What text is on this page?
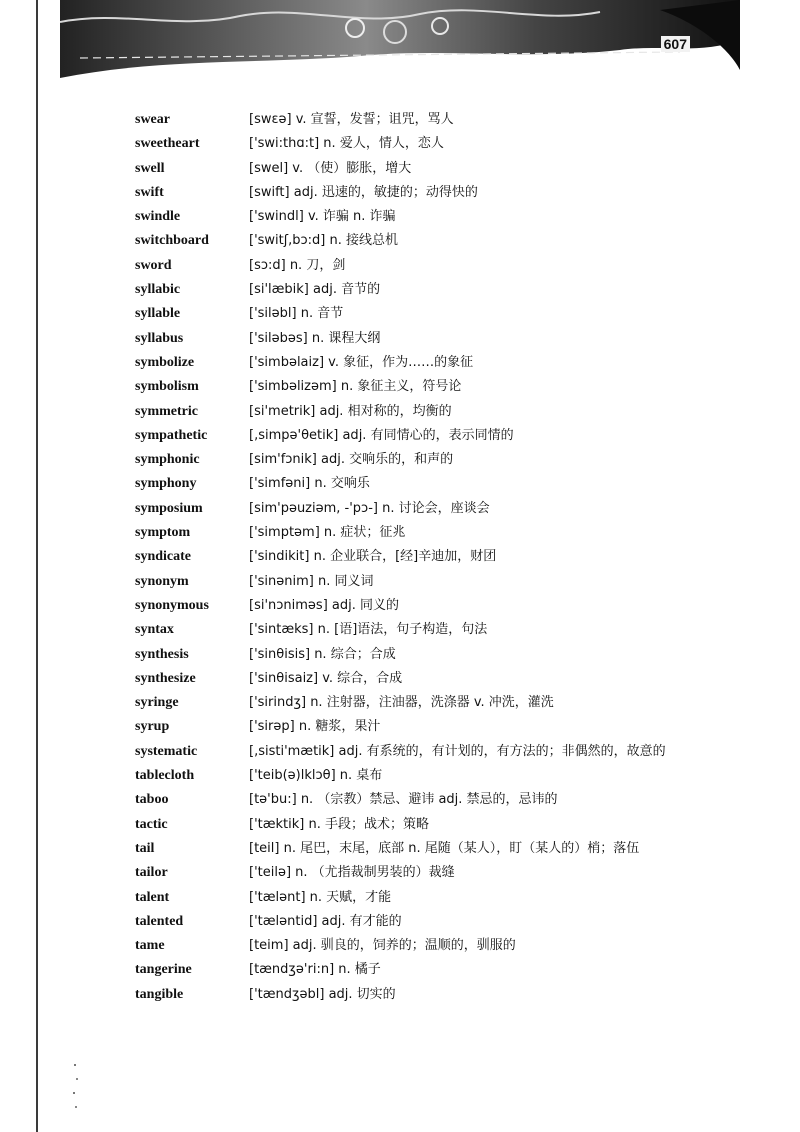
607
swear	[swɛə] v. 宣誓，发誓；诅咒，骂人
sweetheart	['swi:thɑ:t] n. 爱人，情人，恋人
swell	[swel] v. （使）膨胀，增大
swift	[swift] adj. 迅速的，敏捷的；动得快的
swindle	['swindl] v. 诈骗 n. 诈骗
switchboard	['switʃ,bɔ:d] n. 接线总机
sword	[sɔ:d] n. 刀，剑
syllabic	[si'læbik] adj. 音节的
syllable	['siləbl] n. 音节
syllabus	['siləbəs] n. 课程大纲
symbolize	['simbəlaiz] v. 象征，作为……的象征
symbolism	['simbəlizəm] n. 象征主义，符号论
symmetric	[si'metrik] adj. 相对称的，均衡的
sympathetic	[,simpə'θetik] adj. 有同情心的，表示同情的
symphonic	[sim'fɔnik] adj. 交响乐的，和声的
symphony	['simfəni] n. 交响乐
symposium	[sim'pəuziəm, -'pɔ-] n. 讨论会，座谈会
symptom	['simptəm] n. 症状；征兆
syndicate	['sindikit] n. 企业联合，[经]辛迪加，财团
synonym	['sinənim] n. 同义词
synonymous	[si'nɔniməs] adj. 同义的
syntax	['sintæks] n. [语]语法，句子构造，句法
synthesis	['sinθisis] n. 综合；合成
synthesize	['sinθisaiz] v. 综合，合成
syringe	['sirindʒ] n. 注射器，注油器，洗涤器 v. 冲洗，灌洗
syrup	['sirəp] n. 糖浆，果汁
systematic	[,sisti'mætik] adj. 有系统的，有计划的，有方法的；非偶然的，故意的
tablecloth	['teib(ə)lklɔθ] n. 桌布
taboo	[tə'bu:] n. （宗教）禁忌、避讳 adj. 禁忌的，忌讳的
tactic	['tæktik] n. 手段；战术；策略
tail	[teil] n. 尾巴，末尾，底部 n. 尾随（某人），盯（某人的）梢；落伍
tailor	['teilə] n. （尤指裁制男装的）裁缝
talent	['tælənt] n. 天赋，才能
talented	['tæləntid] adj. 有才能的
tame	[teim] adj. 驯良的，饲养的；温顺的，驯服的
tangerine	[tændʒə'ri:n] n. 橘子
tangible	['tændʒəbl] adj. 切实的
